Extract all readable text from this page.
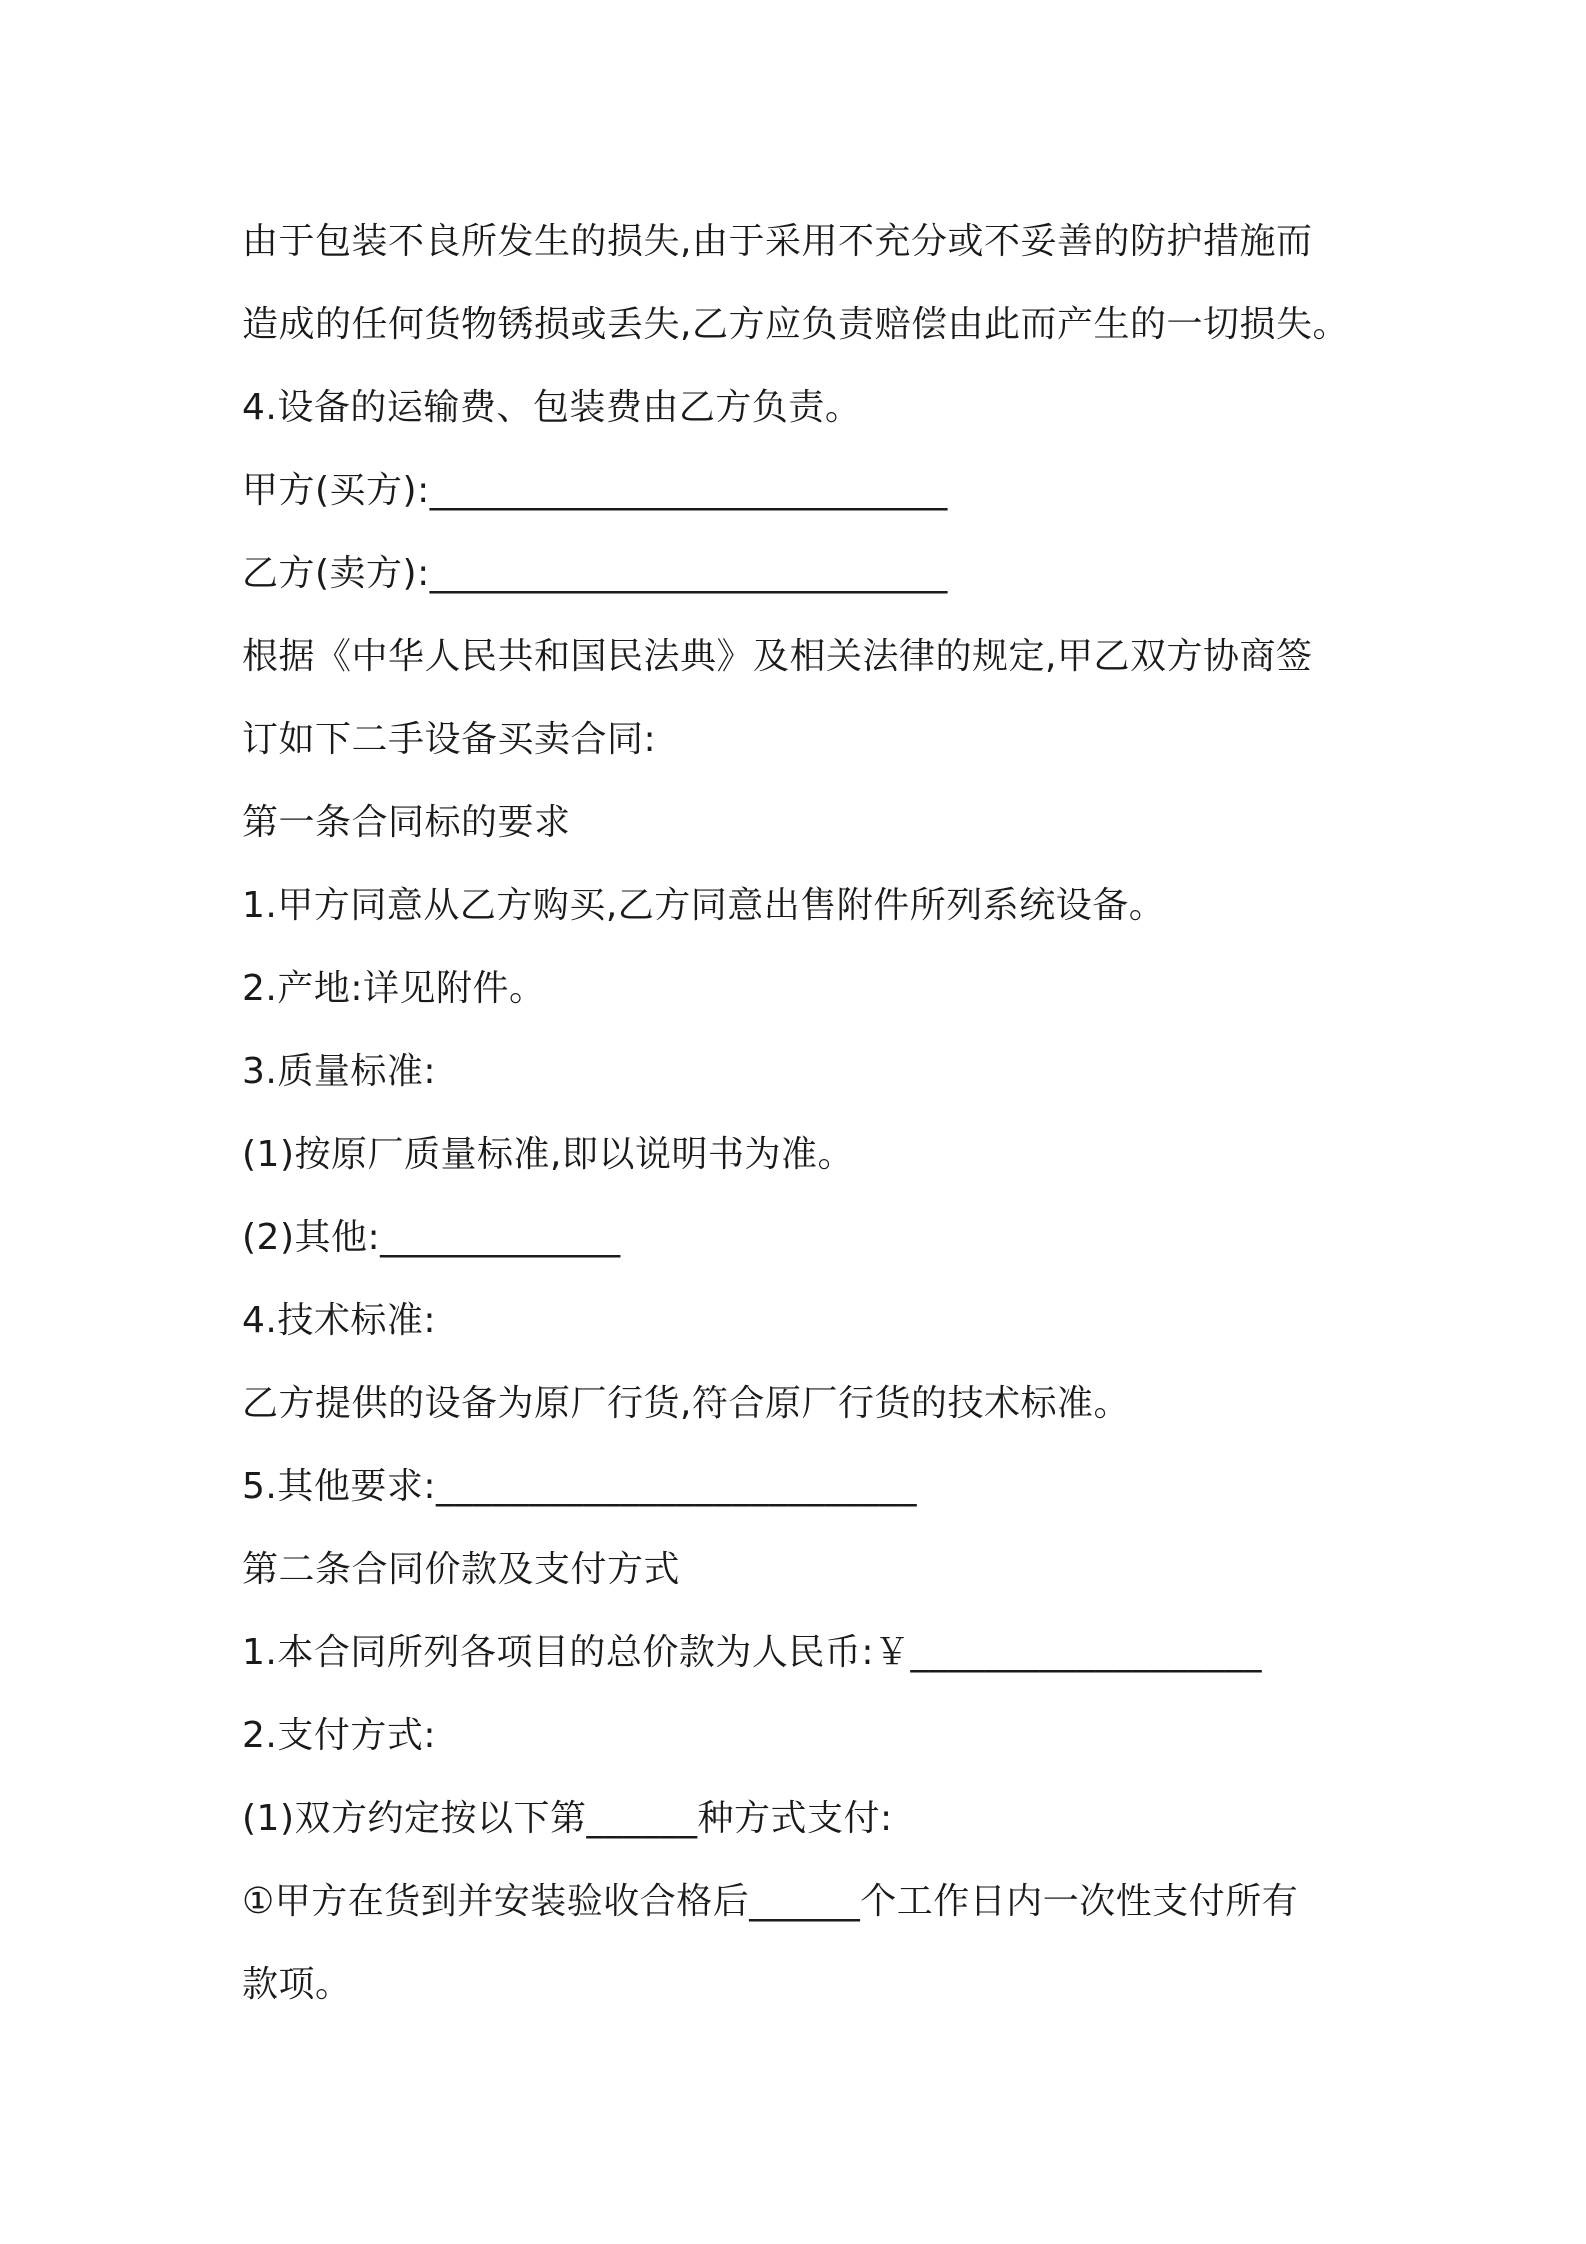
由于包装不良所发生的损失,由于采用不充分或不妥善的防护措施而
造成的任何货物锈损或丢失,乙方应负责赔偿由此而产生的一切损失。
4.设备的运输费、包装费由乙方负责。
甲方(买方):____________________________
乙方(卖方):____________________________
根据《中华人民共和国民法典》及相关法律的规定,甲乙双方协商签
订如下二手设备买卖合同:
第一条合同标的要求
1.甲方同意从乙方购买,乙方同意出售附件所列系统设备。
2.产地:详见附件。
3.质量标准:
(1)按原厂质量标准,即以说明书为准。
(2)其他:_____________
4.技术标准:
乙方提供的设备为原厂行货,符合原厂行货的技术标准。
5.其他要求:__________________________
第二条合同价款及支付方式
1.本合同所列各项目的总价款为人民币:￥___________________
2.支付方式:
(1)双方约定按以下第______种方式支付:
①甲方在货到并安装验收合格后______个工作日内一次性支付所有
款项。
